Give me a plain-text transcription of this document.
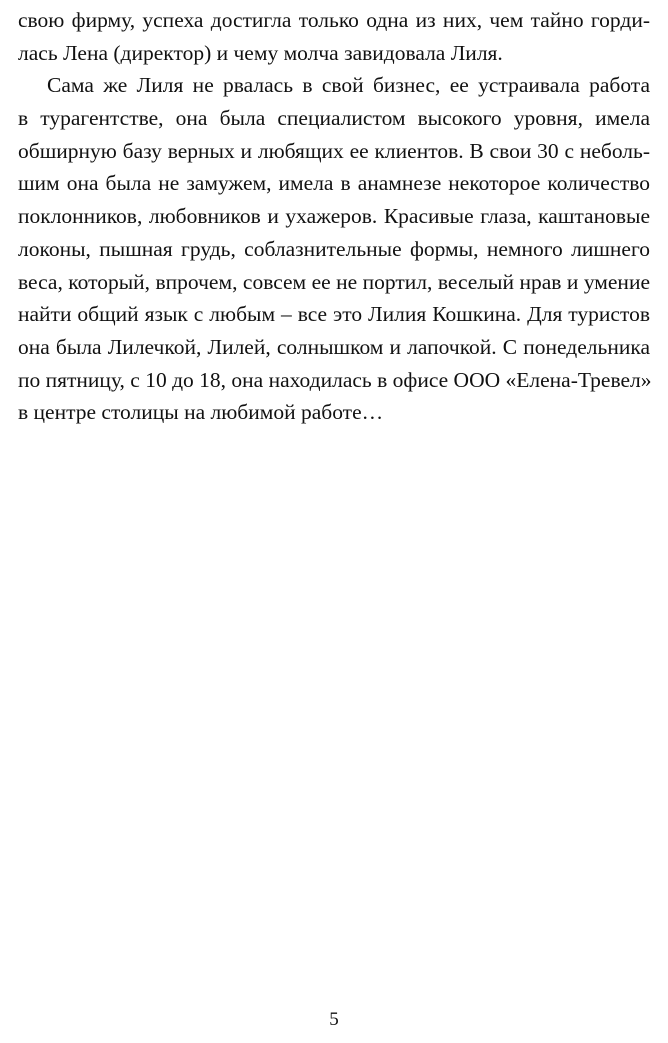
свою фирму, успеха достигла только одна из них, чем тайно горди-
лась Лена (директор) и чему молча завидовала Лиля.
Сама же Лиля не рвалась в свой бизнес, ее устраивала работа
в турагентстве, она была специалистом высокого уровня, имела
обширную базу верных и любящих ее клиентов. В свои 30 с неболь-
шим она была не замужем, имела в анамнезе некоторое количество
поклонников, любовников и ухажеров. Красивые глаза, каштановые
локоны, пышная грудь, соблазнительные формы, немного лишнего
веса, который, впрочем, совсем ее не портил, веселый нрав и умение
найти общий язык с любым – все это Лилия Кошкина. Для туристов
она была Лилечкой, Лилей, солнышком и лапочкой. С понедельника
по пятницу, с 10 до 18, она находилась в офисе ООО «Елена-Тревел»
в центре столицы на любимой работе…
5
